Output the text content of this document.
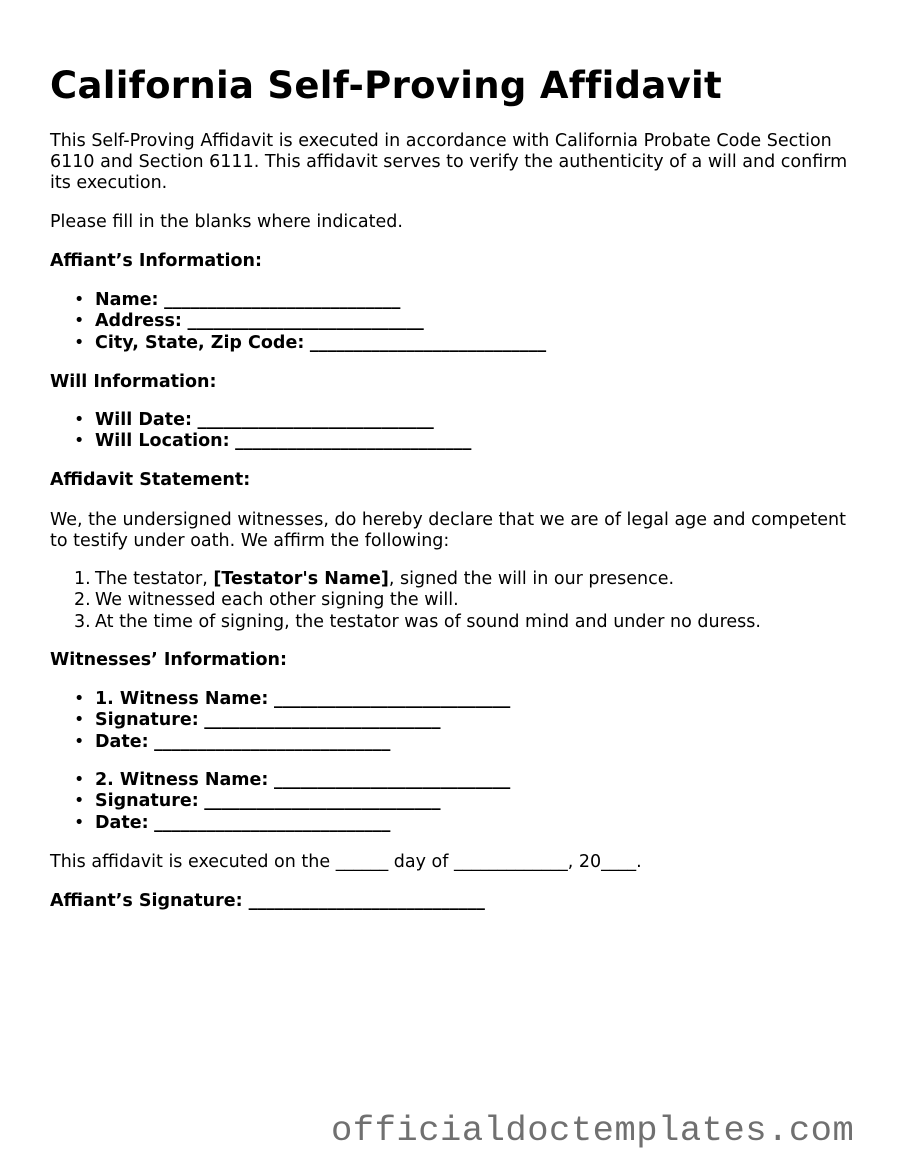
California Self-Proving Affidavit

This Self-Proving Affidavit is executed in accordance with California Probate Code Section 6110 and Section 6111. This affidavit serves to verify the authenticity of a will and confirm its execution.

Please fill in the blanks where indicated.

Affiant’s Information:
• Name: ___________________________
• Address: ___________________________
• City, State, Zip Code: ___________________________
Will Information:
• Will Date: ___________________________
• Will Location: ___________________________
Affidavit Statement:

We, the undersigned witnesses, do hereby declare that we are of legal age and competent to testify under oath. We affirm the following:

1. The testator, [Testator's Name], signed the will in our presence.
2. We witnessed each other signing the will.
3. At the time of signing, the testator was of sound mind and under no duress.
Witnesses’ Information:
• 1. Witness Name: ___________________________
• Signature: ___________________________
• Date: ___________________________
• 2. Witness Name: ___________________________
• Signature: ___________________________
• Date: ___________________________

This affidavit is executed on the ______ day of _____________, 20____.

Affiant’s Signature: ___________________________

officialdoctemplates.com
